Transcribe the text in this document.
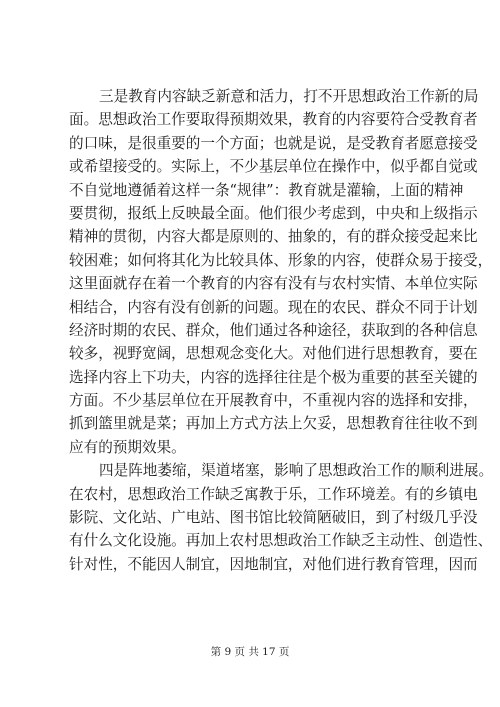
三是教育内容缺乏新意和活力，打不开思想政治工作新的局
面。思想政治工作要取得预期效果，教育的内容要符合受教育者
的口味，是很重要的一个方面；也就是说，是受教育者愿意接受
或希望接受的。实际上，不少基层单位在操作中，似乎都自觉或
不自觉地遵循着这样一条“规律”：教育就是灌输，上面的精神
要贯彻，报纸上反映最全面。他们很少考虑到，中央和上级指示
精神的贯彻，内容大都是原则的、抽象的，有的群众接受起来比
较困难；如何将其化为比较具体、形象的内容，使群众易于接受，
这里面就存在着一个教育的内容有没有与农村实情、本单位实际
相结合，内容有没有创新的问题。现在的农民、群众不同于计划
经济时期的农民、群众，他们通过各种途径，获取到的各种信息
较多，视野宽阔，思想观念变化大。对他们进行思想教育，要在
选择内容上下功夫，内容的选择往往是个极为重要的甚至关键的
方面。不少基层单位在开展教育中，不重视内容的选择和安排，
抓到篮里就是菜；再加上方式方法上欠妥，思想教育往往收不到
应有的预期效果。
四是阵地萎缩，渠道堵塞，影响了思想政治工作的顺利进展。
在农村，思想政治工作缺乏寓教于乐，工作环境差。有的乡镇电
影院、文化站、广电站、图书馆比较简陋破旧，到了村级几乎没
有什么文化设施。再加上农村思想政治工作缺乏主动性、创造性、
针对性，不能因人制宜，因地制宜，对他们进行教育管理，因而
第 9 页 共 17 页
